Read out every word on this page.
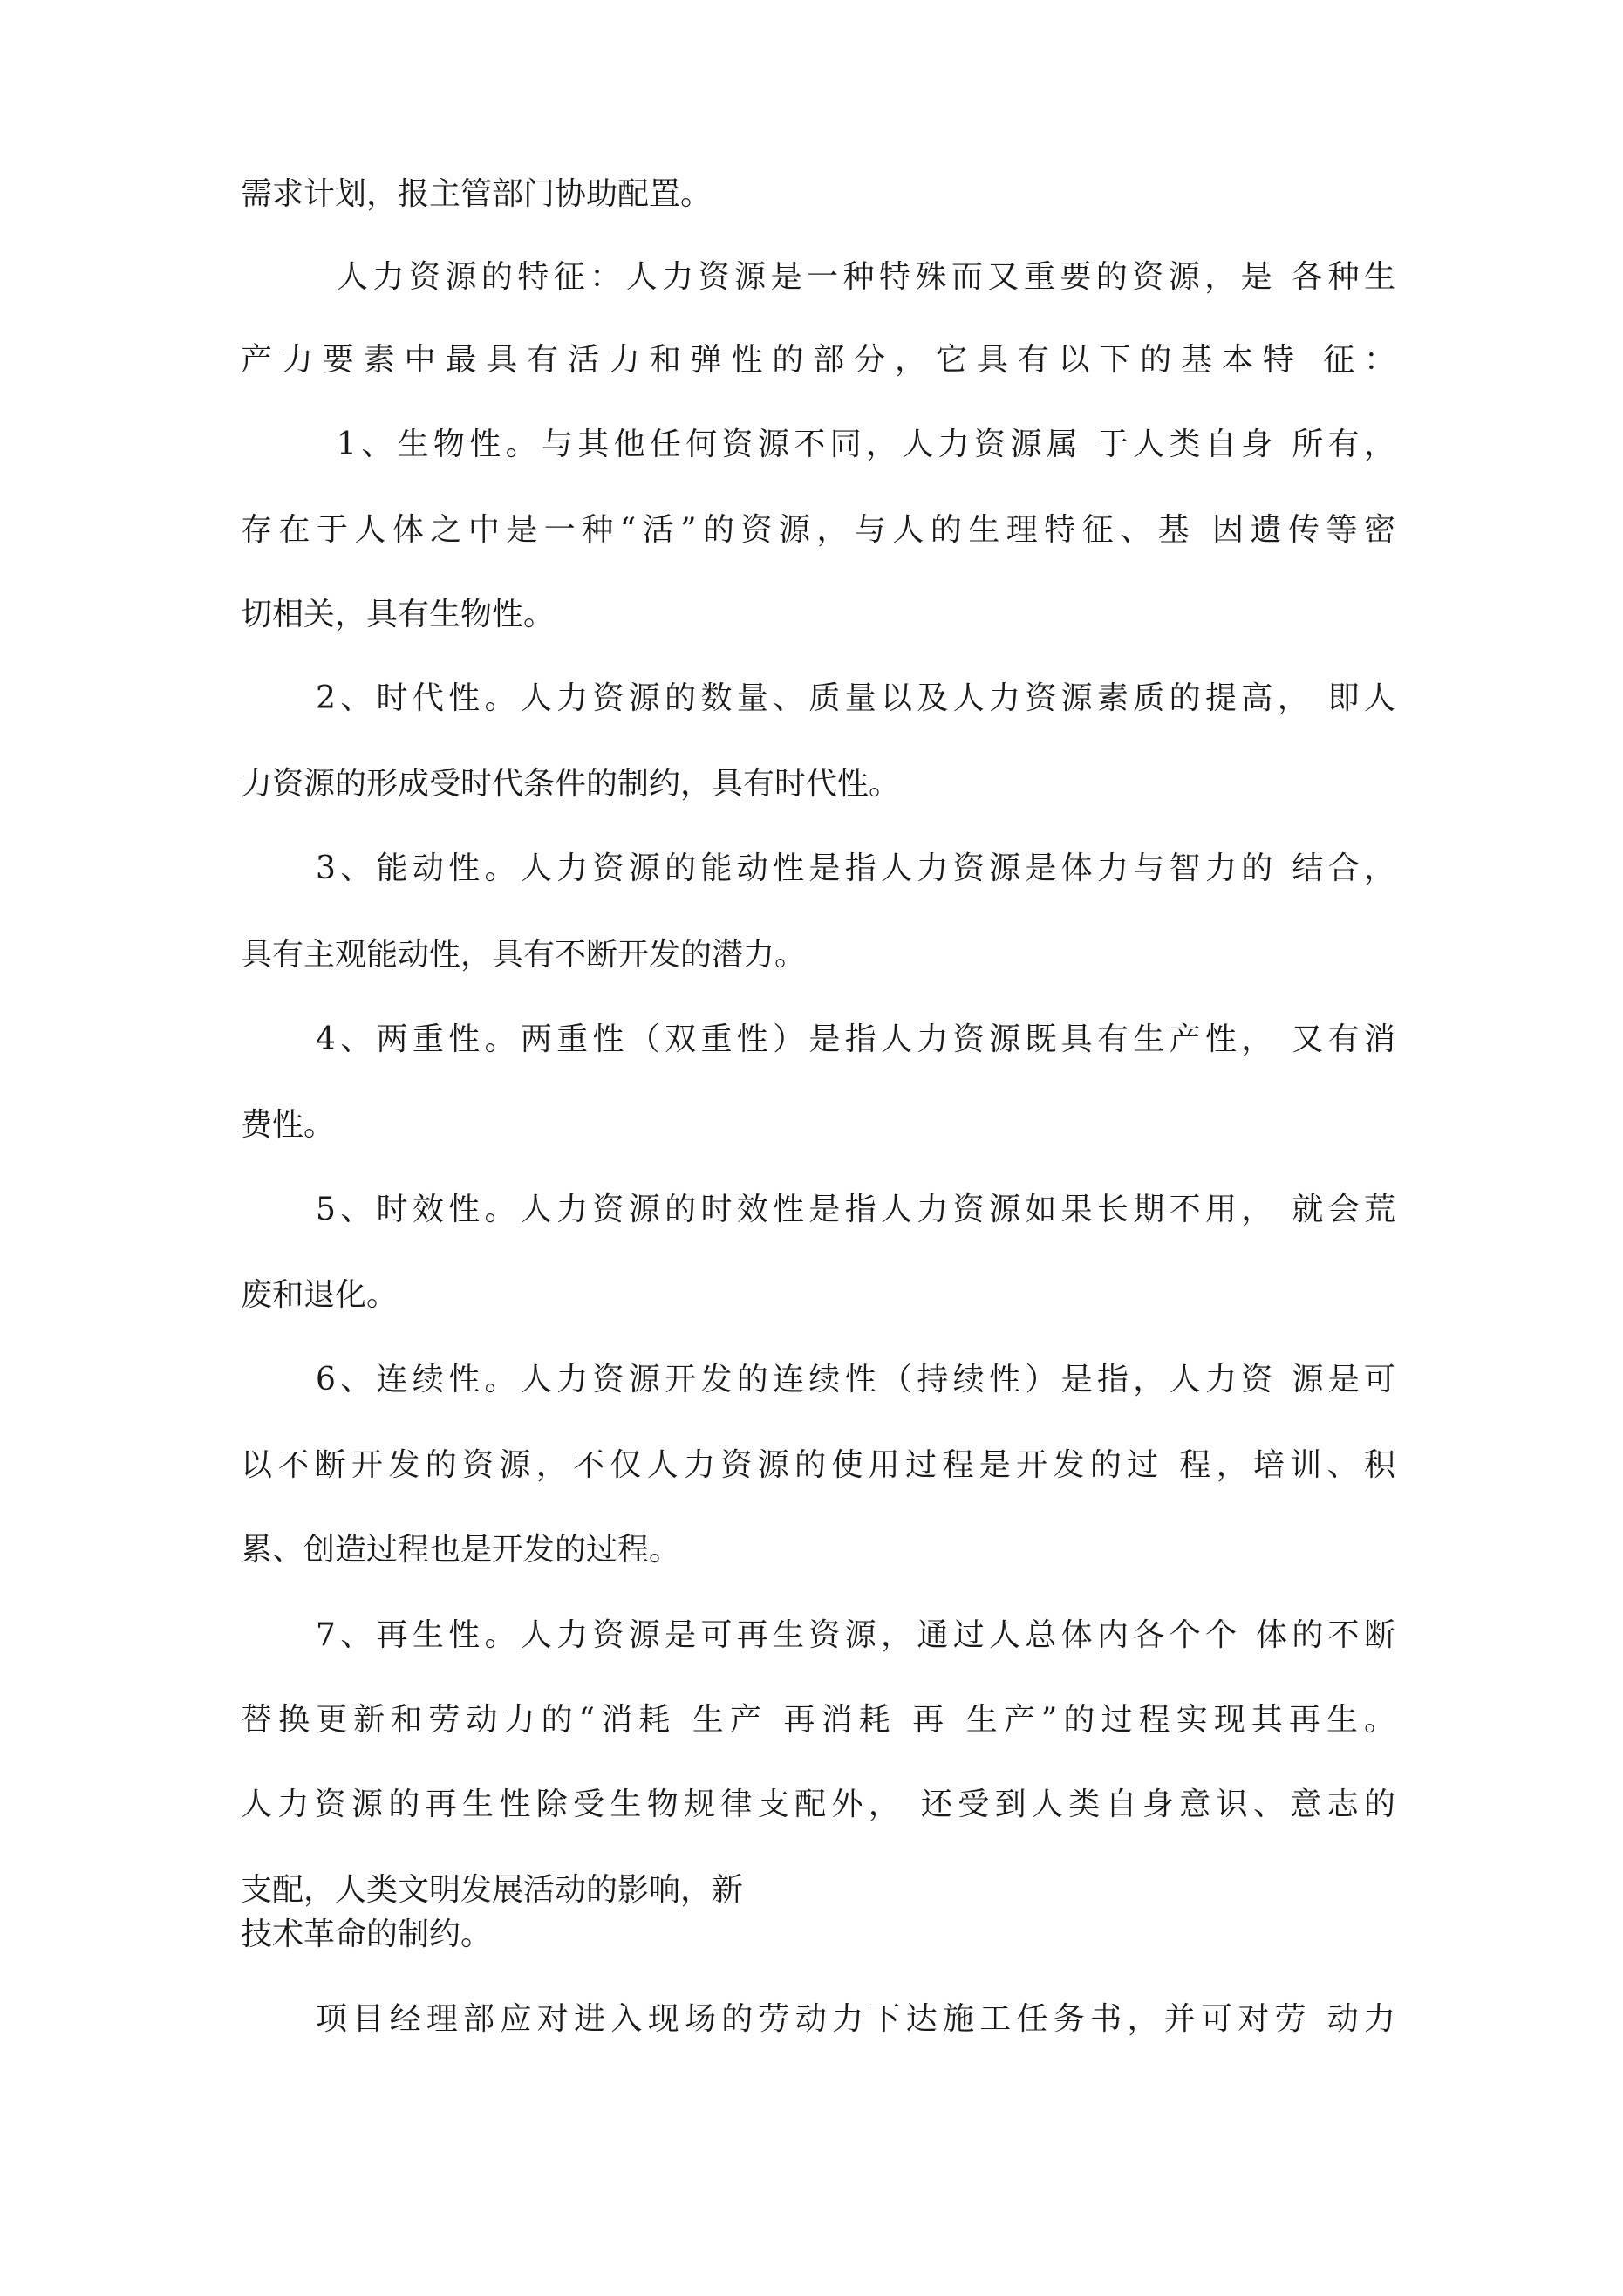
需求计划，报主管部门协助配置。

人力资源的特征：人力资源是一种特殊而又重要的资源，是 各种生

产力要素中最具有活力和弹性的部分，它具有以下的基本特 征：

1、生物性。与其他任何资源不同，人力资源属 于人类自身 所有，

存在于人体之中是一种“活”的资源，与人的生理特征、基 因遗传等密

切相关，具有生物性。

2、时代性。人力资源的数量、质量以及人力资源素质的提高， 即人

力资源的形成受时代条件的制约，具有时代性。

3、能动性。人力资源的能动性是指人力资源是体力与智力的 结合，

具有主观能动性，具有不断开发的潜力。

4、两重性。两重性（双重性）是指人力资源既具有生产性， 又有消

费性。

5、时效性。人力资源的时效性是指人力资源如果长期不用， 就会荒

废和退化。

6、连续性。人力资源开发的连续性（持续性）是指，人力资 源是可

以不断开发的资源，不仅人力资源的使用过程是开发的过 程，培训、积

累、创造过程也是开发的过程。

7、再生性。人力资源是可再生资源，通过人总体内各个个 体的不断

替换更新和劳动力的“消耗 生产 再消耗 再 生产”的过程实现其再生。

人力资源的再生性除受生物规律支配外， 还受到人类自身意识、意志的

支配，人类文明发展活动的影响，新

技术革命的制约。

项目经理部应对进入现场的劳动力下达施工任务书，并可对劳 动力
